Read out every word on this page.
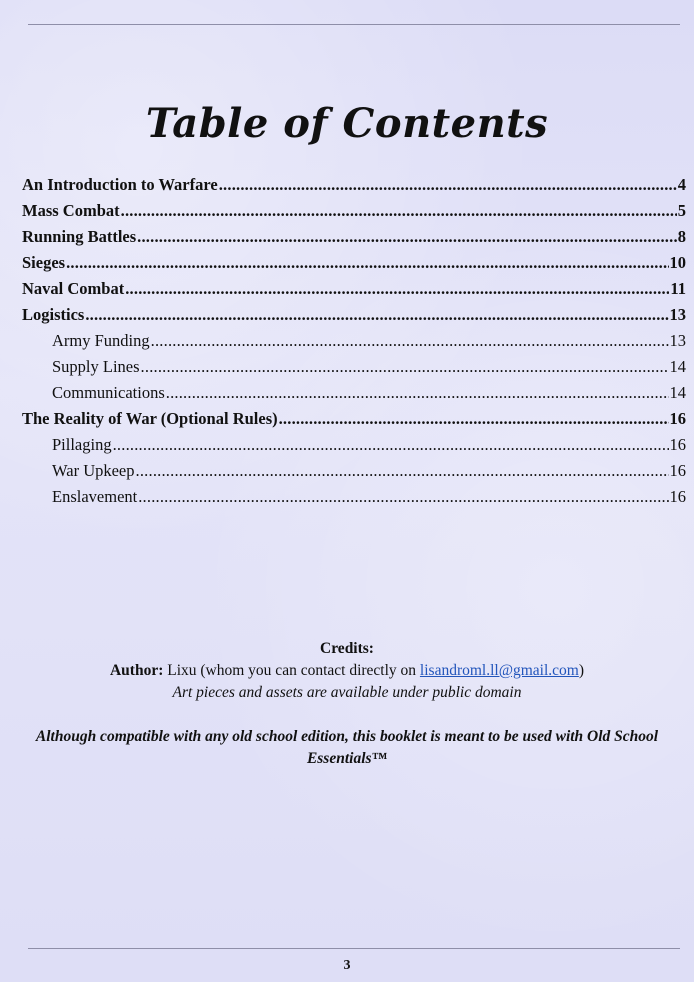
Table of Contents
An Introduction to Warfare .....	4
Mass Combat .....	5
Running Battles .....	8
Sieges .....	10
Naval Combat .....	11
Logistics .....	13
Army Funding .....	13
Supply Lines .....	14
Communications .....	14
The Reality of War (Optional Rules) .....	16
Pillaging .....	16
War Upkeep .....	16
Enslavement .....	16
Credits:
Author: Lixu (whom you can contact directly on lisandroml.ll@gmail.com)
Art pieces and assets are available under public domain
Although compatible with any old school edition, this booklet is meant to be used with Old School Essentials™
3
